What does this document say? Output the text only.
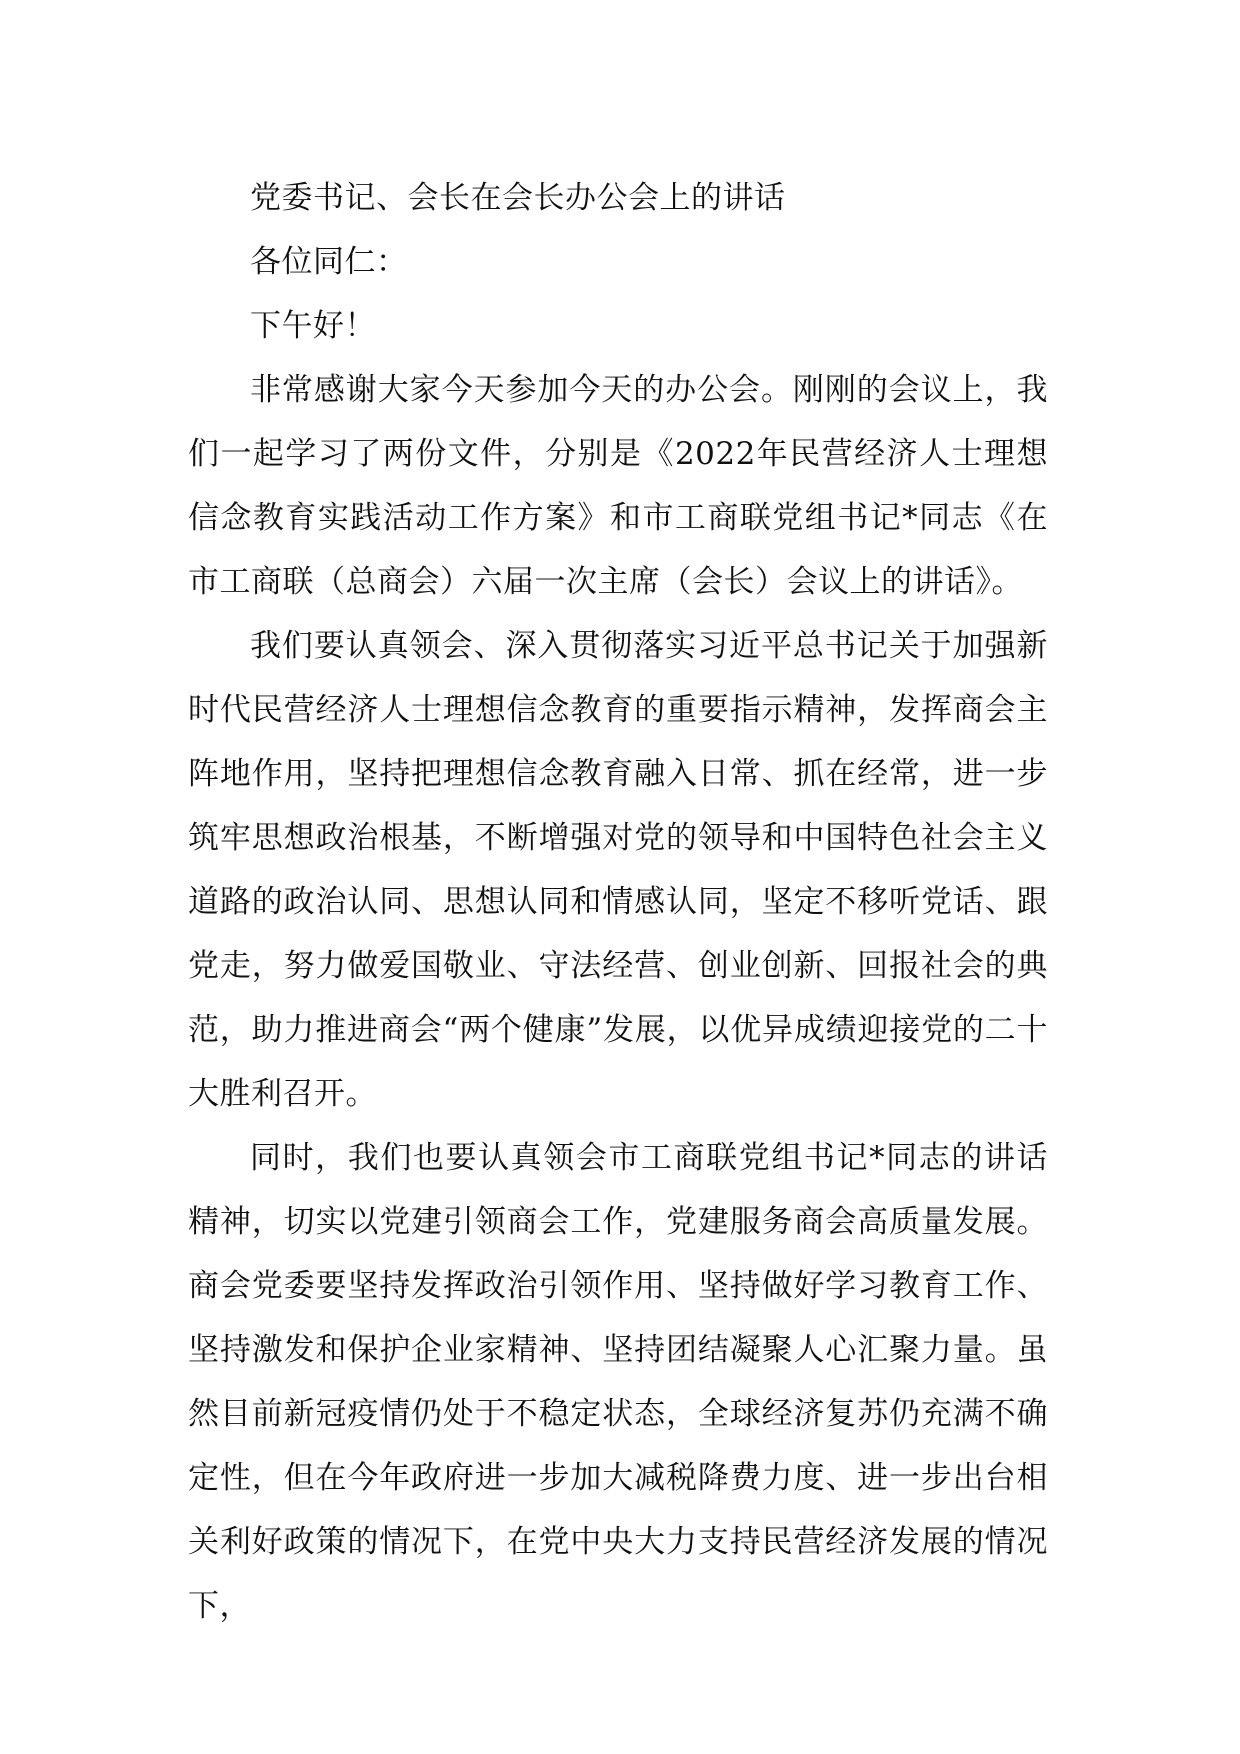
党委书记、会长在会长办公会上的讲话

各位同仁：

下午好！

非常感谢大家今天参加今天的办公会。刚刚的会议上，我们一起学习了两份文件，分别是《2022年民营经济人士理想信念教育实践活动工作方案》和市工商联党组书记*同志《在市工商联（总商会）六届一次主席（会长）会议上的讲话》。

我们要认真领会、深入贯彻落实习近平总书记关于加强新时代民营经济人士理想信念教育的重要指示精神，发挥商会主阵地作用，坚持把理想信念教育融入日常、抓在经常，进一步筑牢思想政治根基，不断增强对党的领导和中国特色社会主义道路的政治认同、思想认同和情感认同，坚定不移听党话、跟党走，努力做爱国敬业、守法经营、创业创新、回报社会的典范，助力推进商会“两个健康”发展，以优异成绩迎接党的二十大胜利召开。

同时，我们也要认真领会市工商联党组书记*同志的讲话精神，切实以党建引领商会工作，党建服务商会高质量发展。商会党委要坚持发挥政治引领作用、坚持做好学习教育工作、坚持激发和保护企业家精神、坚持团结凝聚人心汇聚力量。虽然目前新冠疫情仍处于不稳定状态，全球经济复苏仍充满不确定性，但在今年政府进一步加大减税降费力度、进一步出台相关利好政策的情况下，在党中央大力支持民营经济发展的情况下，
